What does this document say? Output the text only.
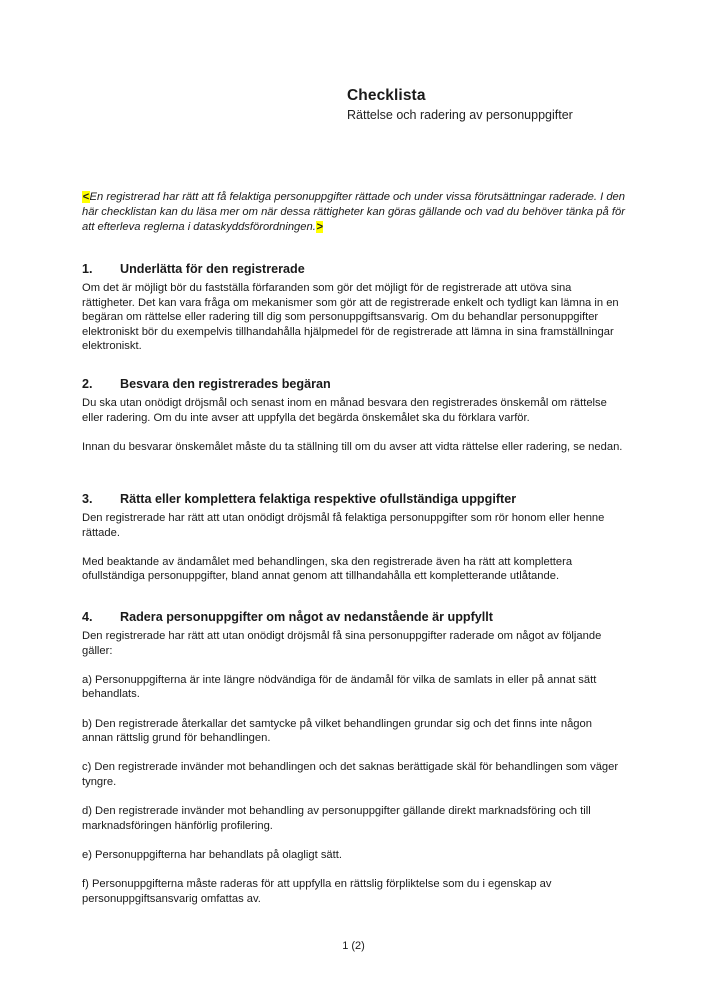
Checklista
Rättelse och radering av personuppgifter
<En registrerad har rätt att få felaktiga personuppgifter rättade och under vissa förutsättningar raderade. I den här checklistan kan du läsa mer om när dessa rättigheter kan göras gällande och vad du behöver tänka på för att efterleva reglerna i dataskyddsförordningen.>
1.	Underlätta för den registrerade

Om det är möjligt bör du fastställa förfaranden som gör det möjligt för de registrerade att utöva sina rättigheter. Det kan vara fråga om mekanismer som gör att de registrerade enkelt och tydligt kan lämna in en begäran om rättelse eller radering till dig som personuppgiftsansvarig. Om du behandlar personuppgifter elektroniskt bör du exempelvis tillhandahålla hjälpmedel för de registrerade att lämna in sina framställningar elektroniskt.

2.	Besvara den registrerades begäran

Du ska utan onödigt dröjsmål och senast inom en månad besvara den registrerades önskemål om rättelse eller radering. Om du inte avser att uppfylla det begärda önskemålet ska du förklara varför.

Innan du besvarar önskemålet måste du ta ställning till om du avser att vidta rättelse eller radering, se nedan.

3.	Rätta eller komplettera felaktiga respektive ofullständiga uppgifter

Den registrerade har rätt att utan onödigt dröjsmål få felaktiga personuppgifter som rör honom eller henne rättade.

Med beaktande av ändamålet med behandlingen, ska den registrerade även ha rätt att komplettera ofullständiga personuppgifter, bland annat genom att tillhandahålla ett kompletterande utlåtande.

4.	Radera personuppgifter om något av nedanstående är uppfyllt

Den registrerade har rätt att utan onödigt dröjsmål få sina personuppgifter raderade om något av följande gäller:

a) Personuppgifterna är inte längre nödvändiga för de ändamål för vilka de samlats in eller på annat sätt behandlats.

b) Den registrerade återkallar det samtycke på vilket behandlingen grundar sig och det finns inte någon annan rättslig grund för behandlingen.

c) Den registrerade invänder mot behandlingen och det saknas berättigade skäl för behandlingen som väger tyngre.

d) Den registrerade invänder mot behandling av personuppgifter gällande direkt marknadsföring och till marknadsföringen hänförlig profilering.

e) Personuppgifterna har behandlats på olagligt sätt.

f) Personuppgifterna måste raderas för att uppfylla en rättslig förpliktelse som du i egenskap av personuppgiftsansvarig omfattas av.

1 (2)
